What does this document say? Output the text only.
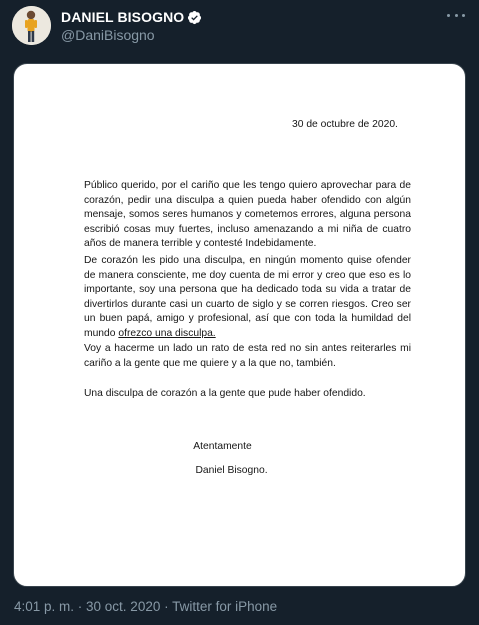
DANIEL BISOGNO
@DaniBisogno
30 de octubre de 2020.

Público querido, por el cariño que les tengo quiero aprovechar para de corazón, pedir una disculpa a quien pueda haber ofendido con algún mensaje, somos seres humanos y cometemos errores, alguna persona escribió cosas muy fuertes, incluso amenazando a mi niña de cuatro años de manera terrible y contesté Indebidamente.

De corazón les pido una disculpa, en ningún momento quise ofender de manera consciente, me doy cuenta de mi error y creo que eso es lo importante, soy una persona que ha dedicado toda su vida a tratar de divertirlos durante casi un cuarto de siglo y se corren riesgos. Creo ser un buen papá, amigo y profesional, así que con toda la humildad del mundo ofrezco una disculpa.

Voy a hacerme un lado un rato de esta red no sin antes reiterarles mi cariño a la gente que me quiere y a la que no, también.

Una disculpa de corazón a la gente que pude haber ofendido.

Atentamente
Daniel Bisogno.
4:01 p. m. · 30 oct. 2020 · Twitter for iPhone
